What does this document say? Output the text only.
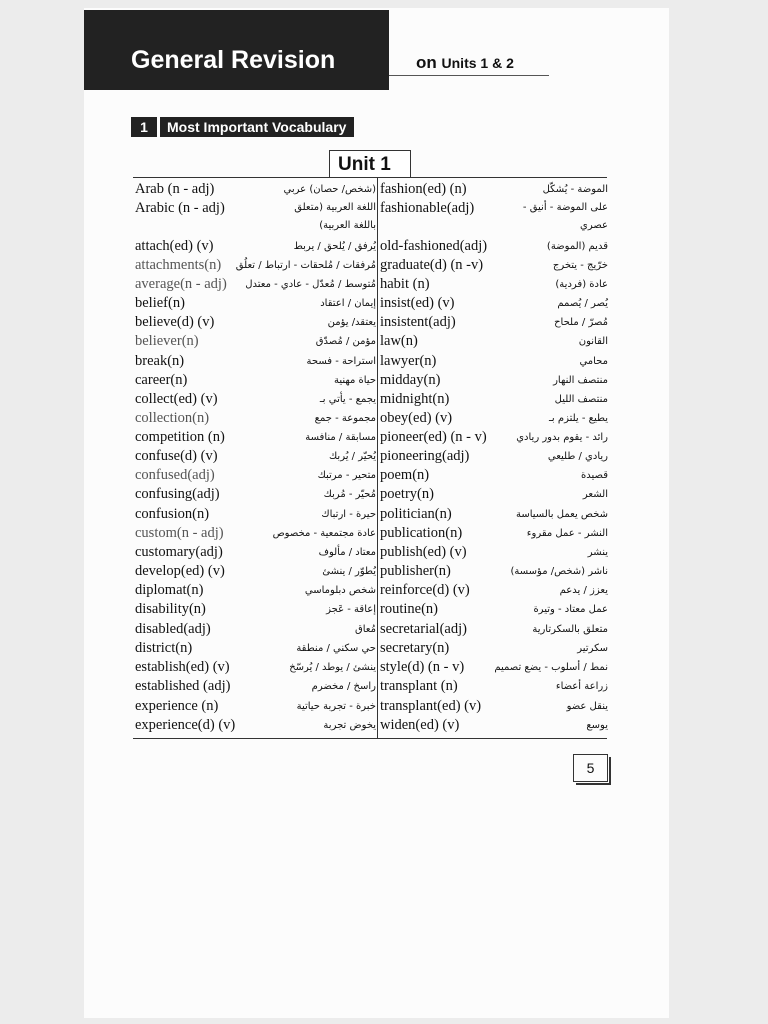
General Revision	on Units 1 & 2
1	Most Important Vocabulary
Unit 1
Arab (n - adj)	(شخص/ حصان) عربي
Arabic (n - adj)	اللغة العربية (متعلق باللغة العربية)
attach(ed) (v)	يُرفق / يُلحق / يربط
attachments(n)	مُرفقات / مُلحقات - ارتباط / تعلُق
average(n - adj)	مُتوسط / مُعدّل - عادي - معتدل
belief(n)	إيمان / اعتقاد
believe(d) (v)	يعتقد/ يؤمن
believer(n)	مؤمن / مُصدّق
break(n)	استراحة - فسحة
career(n)	حياة مهنية
collect(ed) (v)	يجمع - يأتي بـ
collection(n)	مجموعة - جمع
competition (n)	مسابقة / منافسة
confuse(d) (v)	يُحيّر / يُربك
confused(adj)	متحير - مرتبك
confusing(adj)	مُحيّر - مُربك
confusion(n)	حيرة - ارتباك
custom(n - adj)	عادة مجتمعية - مخصوص
customary(adj)	معتاد / مألوف
develop(ed) (v)	يُطوّر / ينشئ
diplomat(n)	شخص دبلوماسي
disability(n)	إعاقة - عَجز
disabled(adj)	مُعاق
district(n)	حي سكني / منطقة
establish(ed) (v)	ينشئ / يوطد / يُرسّخ
established (adj)	راسخ / مخضرم
experience (n)	خبرة - تجربة حياتية
experience(d) (v)	يخوض تجربة
fashion(ed) (n)	الموضة - يُشكّل
fashionable(adj)	على الموضة - أنيق - عصري
old-fashioned(adj)	قديم (الموضة)
graduate(d) (n -v)	خرّيج - يتخرج
habit (n)	عادة (فردية)
insist(ed) (v)	يُصر / يُصمم
insistent(adj)	مُصرّ / ملحاح
law(n)	القانون
lawyer(n)	محامي
midday(n)	منتصف النهار
midnight(n)	منتصف الليل
obey(ed) (v)	يطيع - يلتزم بـ
pioneer(ed) (n - v)	رائد - يقوم بدور ريادي
pioneering(adj)	ريادي / طليعي
poem(n)	قصيدة
poetry(n)	الشعر
politician(n)	شخص يعمل بالسياسة
publication(n)	النشر - عمل مقروء
publish(ed) (v)	ينشر
publisher(n)	ناشر (شخص/ مؤسسة)
reinforce(d) (v)	يعزز / يدعم
routine(n)	عمل معتاد - وتيرة
secretarial(adj)	متعلق بالسكرتارية
secretary(n)	سكرتير
style(d) (n - v)	نمط / أسلوب - يضع تصميم
transplant (n)	زراعة أعضاء
transplant(ed) (v)	ينقل عضو
widen(ed) (v)	يوسع
5
